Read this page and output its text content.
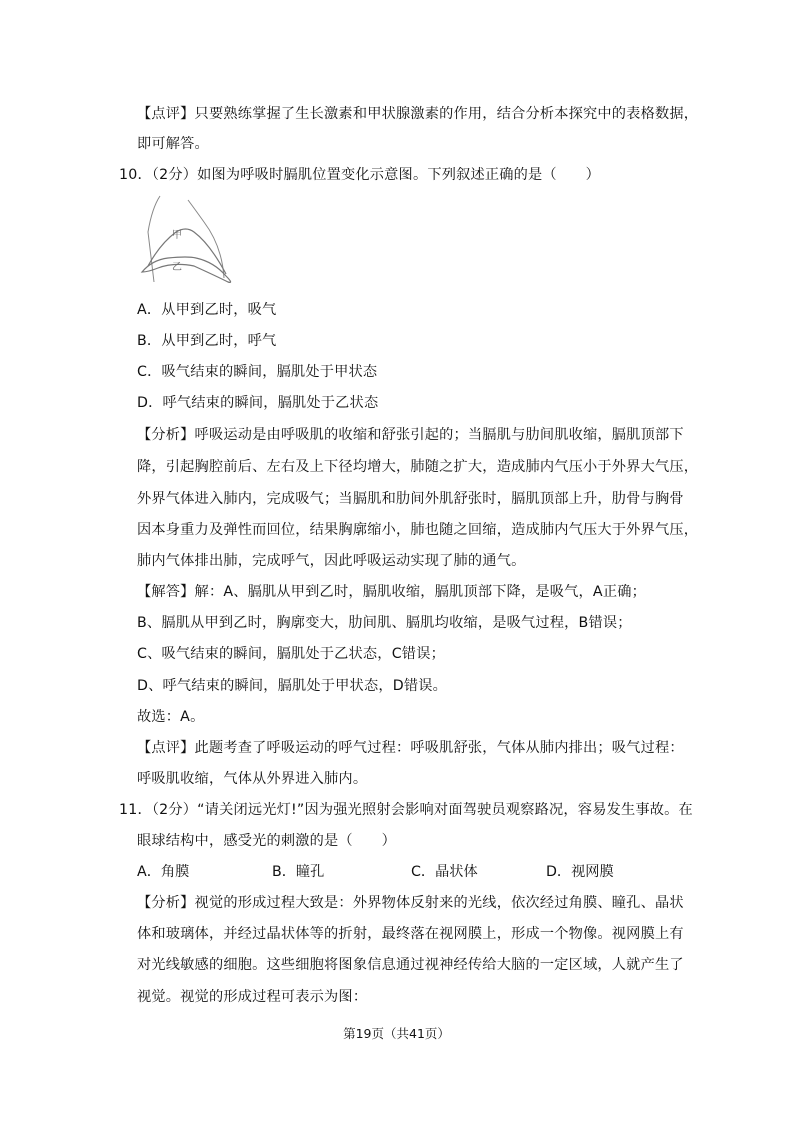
【点评】只要熟练掌握了生长激素和甲状腺激素的作用，结合分析本探究中的表格数据，
即可解答。
10．（2分）如图为呼吸时膈肌位置变化示意图。下列叙述正确的是（　　）
甲
乙
A．从甲到乙时，吸气
B．从甲到乙时，呼气
C．吸气结束的瞬间，膈肌处于甲状态
D．呼气结束的瞬间，膈肌处于乙状态
【分析】呼吸运动是由呼吸肌的收缩和舒张引起的；当膈肌与肋间肌收缩，膈肌顶部下
降，引起胸腔前后、左右及上下径均增大，肺随之扩大，造成肺内气压小于外界大气压，
外界气体进入肺内，完成吸气；当膈肌和肋间外肌舒张时，膈肌顶部上升，肋骨与胸骨
因本身重力及弹性而回位，结果胸廓缩小，肺也随之回缩，造成肺内气压大于外界气压，
肺内气体排出肺，完成呼气，因此呼吸运动实现了肺的通气。
【解答】解：A、膈肌从甲到乙时，膈肌收缩，膈肌顶部下降，是吸气，A正确；
B、膈肌从甲到乙时，胸廓变大，肋间肌、膈肌均收缩，是吸气过程，B错误；
C、吸气结束的瞬间，膈肌处于乙状态，C错误；
D、呼气结束的瞬间，膈肌处于甲状态，D错误。
故选：A。
【点评】此题考查了呼吸运动的呼气过程：呼吸肌舒张，气体从肺内排出；吸气过程：
呼吸肌收缩，气体从外界进入肺内。
11．（2分）“请关闭远光灯!”因为强光照射会影响对面驾驶员观察路况，容易发生事故。在
眼球结构中，感受光的刺激的是（　　）
A．角膜	B．瞳孔	C．晶状体	D．视网膜
【分析】视觉的形成过程大致是：外界物体反射来的光线，依次经过角膜、瞳孔、晶状
体和玻璃体，并经过晶状体等的折射，最终落在视网膜上，形成一个物像。视网膜上有
对光线敏感的细胞。这些细胞将图象信息通过视神经传给大脑的一定区域，人就产生了
视觉。视觉的形成过程可表示为图：
第19页（共41页）
